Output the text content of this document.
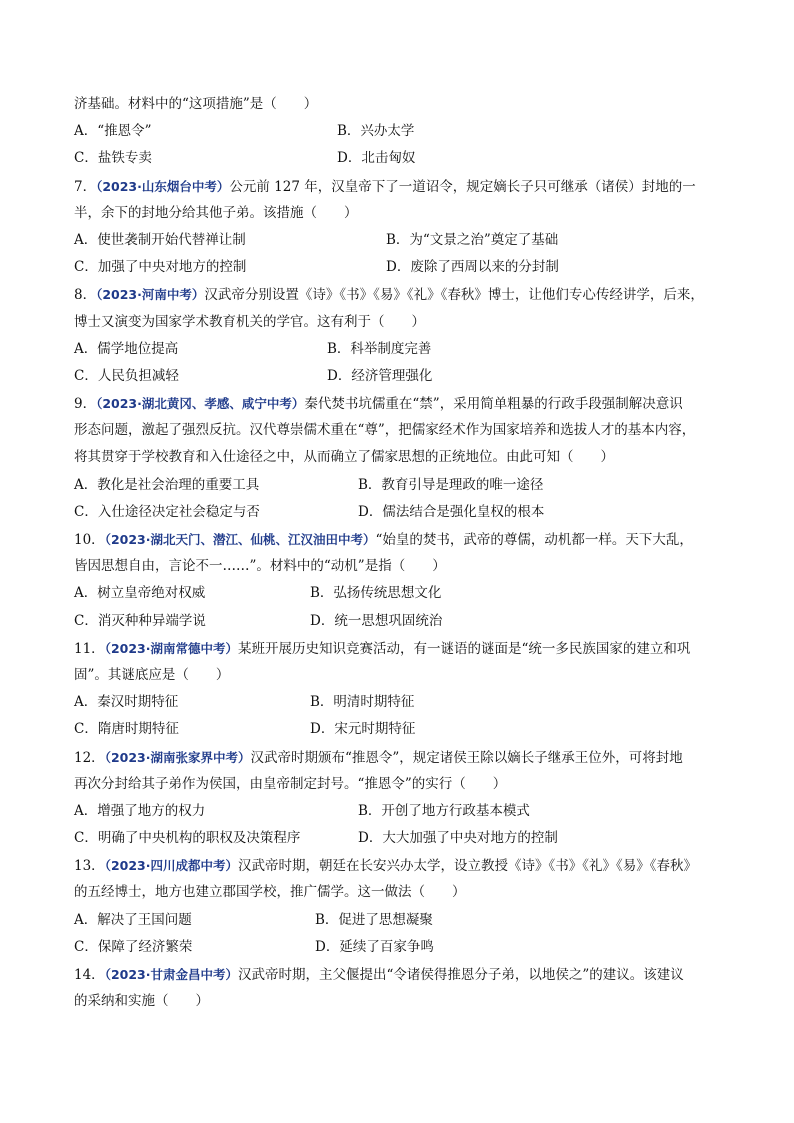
济基础。材料中的“这项措施”是（　　）
A．“推恩令”	B．兴办太学
C．盐铁专卖	D．北击匈奴
7．（2023·山东烟台中考）公元前 127 年，汉皇帝下了一道诏令，规定嫡长子只可继承（诸侯）封地的一
半，余下的封地分给其他子弟。该措施（　　）
A．使世袭制开始代替禅让制	B．为“文景之治”奠定了基础
C．加强了中央对地方的控制	D．废除了西周以来的分封制
8．（2023·河南中考）汉武帝分别设置《诗》《书》《易》《礼》《春秋》博士，让他们专心传经讲学，后来，
博士又演变为国家学术教育机关的学官。这有利于（　　）
A．儒学地位提高	B．科举制度完善
C．人民负担减轻	D．经济管理强化
9．（2023·湖北黄冈、孝感、咸宁中考）秦代焚书坑儒重在“禁”，采用简单粗暴的行政手段强制解决意识
形态问题，激起了强烈反抗。汉代尊崇儒术重在“尊”，把儒家经术作为国家培养和选拔人才的基本内容，
将其贯穿于学校教育和入仕途径之中，从而确立了儒家思想的正统地位。由此可知（　　）
A．教化是社会治理的重要工具	B．教育引导是理政的唯一途径
C．入仕途径决定社会稳定与否	D．儒法结合是强化皇权的根本
10．（2023·湖北天门、潜江、仙桃、江汉油田中考）“始皇的焚书，武帝的尊儒，动机都一样。天下大乱，
皆因思想自由，言论不一……”。材料中的“动机”是指（　　）
A．树立皇帝绝对权威	B．弘扬传统思想文化
C．消灭种种异端学说	D．统一思想巩固统治
11．（2023·湖南常德中考）某班开展历史知识竞赛活动，有一谜语的谜面是“统一多民族国家的建立和巩
固”。其谜底应是（　　）
A．秦汉时期特征	B．明清时期特征
C．隋唐时期特征	D．宋元时期特征
12．（2023·湖南张家界中考）汉武帝时期颁布“推恩令”，规定诸侯王除以嫡长子继承王位外，可将封地
再次分封给其子弟作为侯国，由皇帝制定封号。“推恩令”的实行（　　）
A．增强了地方的权力	B．开创了地方行政基本模式
C．明确了中央机构的职权及决策程序	D．大大加强了中央对地方的控制
13．（2023·四川成都中考）汉武帝时期，朝廷在长安兴办太学，设立教授《诗》《书》《礼》《易》《春秋》
的五经博士，地方也建立郡国学校，推广儒学。这一做法（　　）
A．解决了王国问题	B．促进了思想凝聚
C．保障了经济繁荣	D．延续了百家争鸣
14．（2023·甘肃金昌中考）汉武帝时期，主父偃提出“令诸侯得推恩分子弟，以地侯之”的建议。该建议
的采纳和实施（　　）
